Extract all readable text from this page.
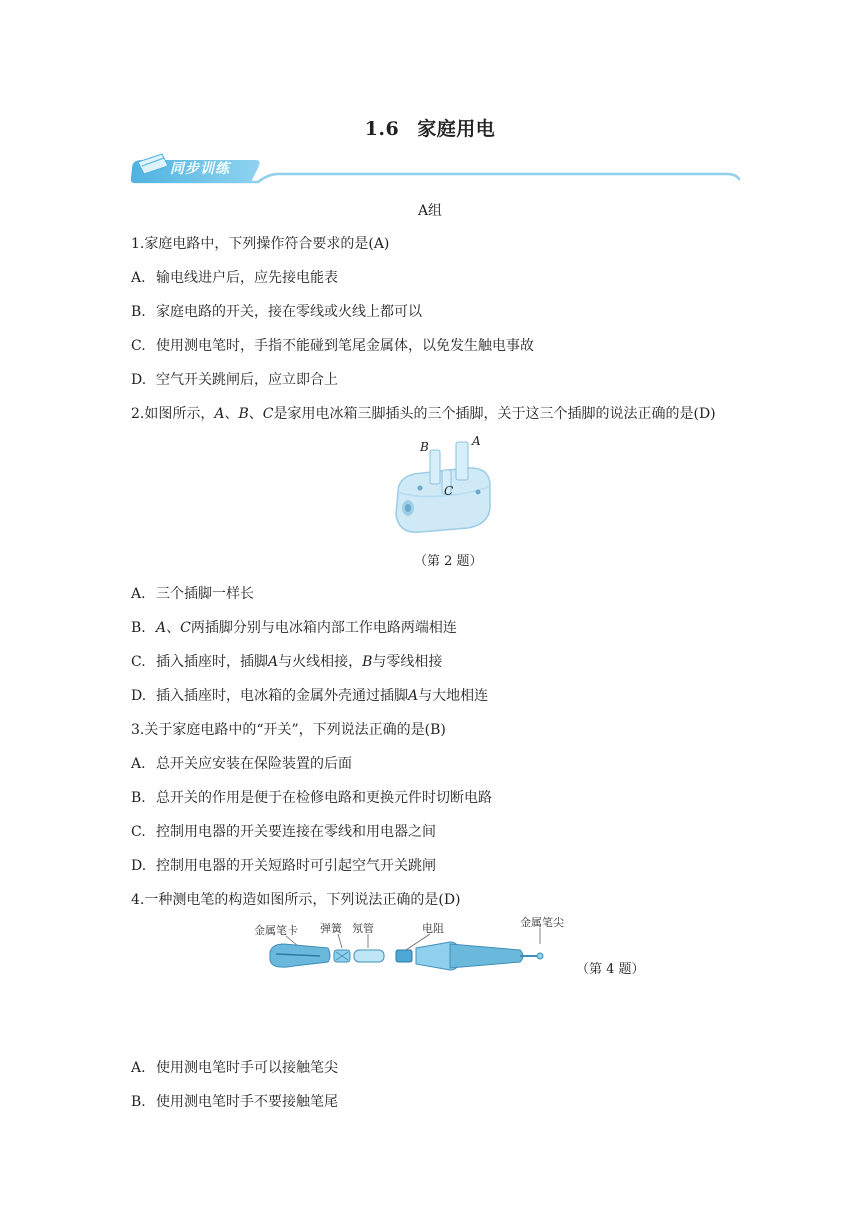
1.6 家庭用电
同步训练
A组
1.家庭电路中，下列操作符合要求的是(A)
A. 输电线进户后，应先接电能表
B. 家庭电路的开关，接在零线或火线上都可以
C. 使用测电笔时，手指不能碰到笔尾金属体，以免发生触电事故
D. 空气开关跳闸后，应立即合上
2.如图所示，A、B、C是家用电冰箱三脚插头的三个插脚，关于这三个插脚的说法正确的是(D)
B	A
C
（第 2 题）
A. 三个插脚一样长
B. A、C两插脚分别与电冰箱内部工作电路两端相连
C. 插入插座时，插脚A与火线相接，B与零线相接
D. 插入插座时，电冰箱的金属外壳通过插脚A与大地相连
3.关于家庭电路中的“开关”，下列说法正确的是(B)
A. 总开关应安装在保险装置的后面
B. 总开关的作用是便于在检修电路和更换元件时切断电路
C. 控制用电器的开关要连接在零线和用电器之间
D. 控制用电器的开关短路时可引起空气开关跳闸
4.一种测电笔的构造如图所示，下列说法正确的是(D)
金属笔卡 弹簧 氖管	电阻	金属笔尖
（第 4 题）
A. 使用测电笔时手可以接触笔尖
B. 使用测电笔时手不要接触笔尾
